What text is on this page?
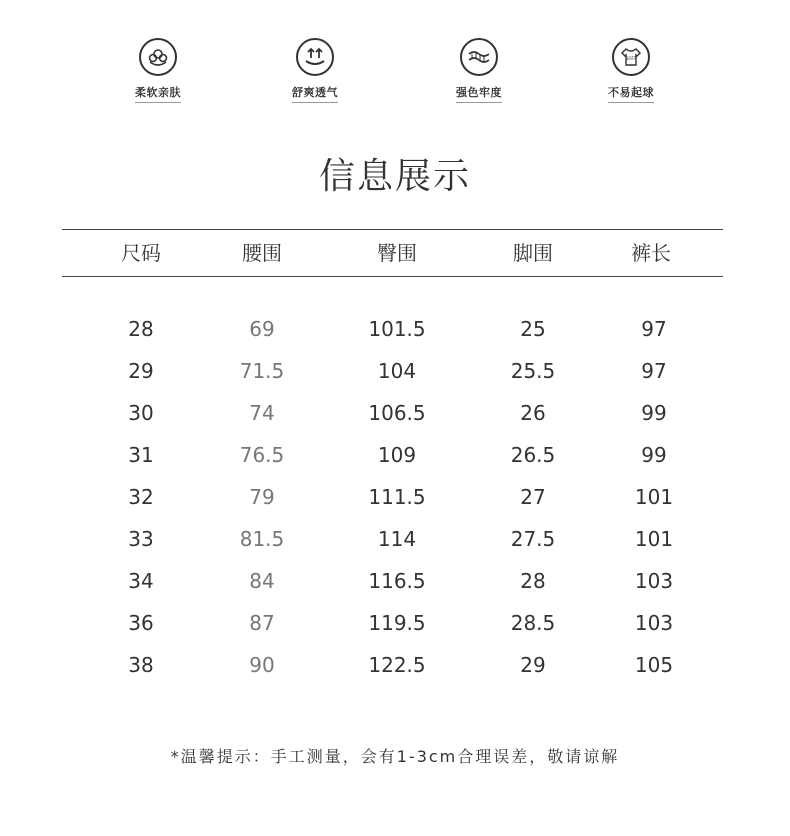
柔软亲肤	舒爽透气	强色牢度
SOFT
不易起球
信息展示
尺码	腰围	臀围	脚围	裤长
28	69	101.5	25	97
29	71.5	104	25.5	97
30	74	106.5	26	99
31	76.5	109	26.5	99
32	79	111.5	27	101
33	81.5	114	27.5	101
34	84	116.5	28	103
36	87	119.5	28.5	103
38	90	122.5	29	105
*温馨提示：手工测量，会有1-3cm合理误差，敬请谅解
